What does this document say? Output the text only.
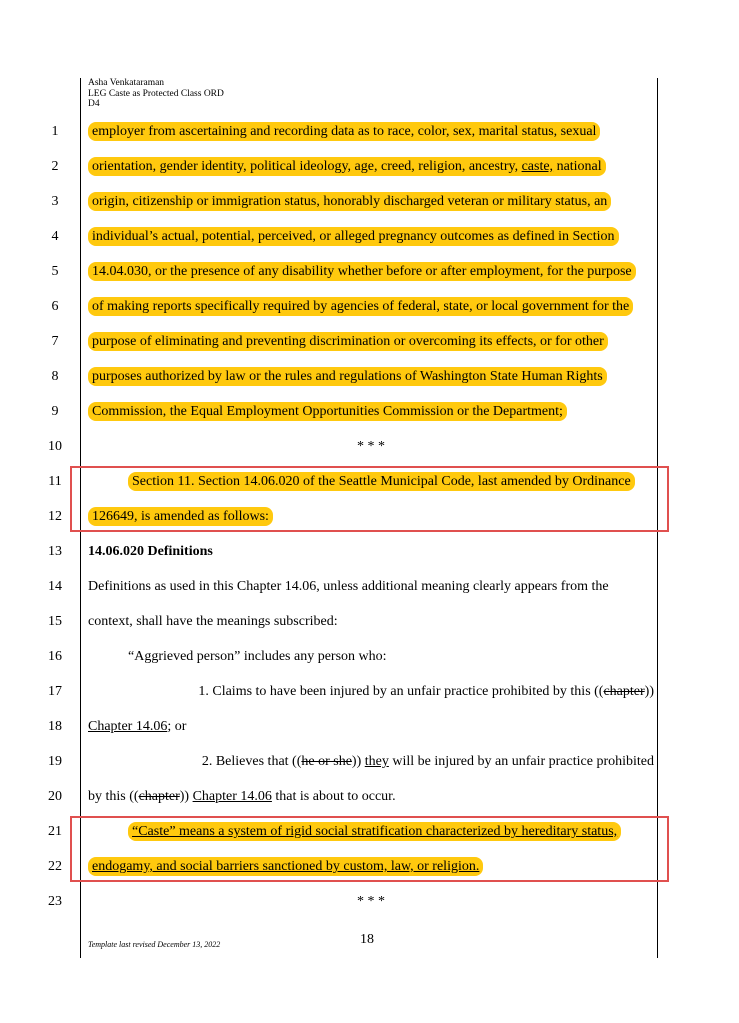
Asha Venkataraman
LEG Caste as Protected Class ORD
D4
1
2
3
4
5
6
7
8
9
10
11
12
13
14
15
16
17
18
19
20
21
22
23
employer from ascertaining and recording data as to race, color, sex, marital status, sexual
orientation, gender identity, political ideology, age, creed, religion, ancestry, caste, national
origin, citizenship or immigration status, honorably discharged veteran or military status, an
individual’s actual, potential, perceived, or alleged pregnancy outcomes as defined in Section
14.04.030, or the presence of any disability whether before or after employment, for the purpose
of making reports specifically required by agencies of federal, state, or local government for the
purpose of eliminating and preventing discrimination or overcoming its effects, or for other
purposes authorized by law or the rules and regulations of Washington State Human Rights
Commission, the Equal Employment Opportunities Commission or the Department;
* * *
Section 11. Section 14.06.020 of the Seattle Municipal Code, last amended by Ordinance
126649, is amended as follows:
14.06.020 Definitions
Definitions as used in this Chapter 14.06, unless additional meaning clearly appears from the
context, shall have the meanings subscribed:
“Aggrieved person” includes any person who:
1. Claims to have been injured by an unfair practice prohibited by this ((chapter))
Chapter 14.06; or
2. Believes that ((he or she)) they will be injured by an unfair practice prohibited
by this ((chapter)) Chapter 14.06 that is about to occur.
“Caste” means a system of rigid social stratification characterized by hereditary status,
endogamy, and social barriers sanctioned by custom, law, or religion.
* * *
Template last revised December 13, 2022	18
